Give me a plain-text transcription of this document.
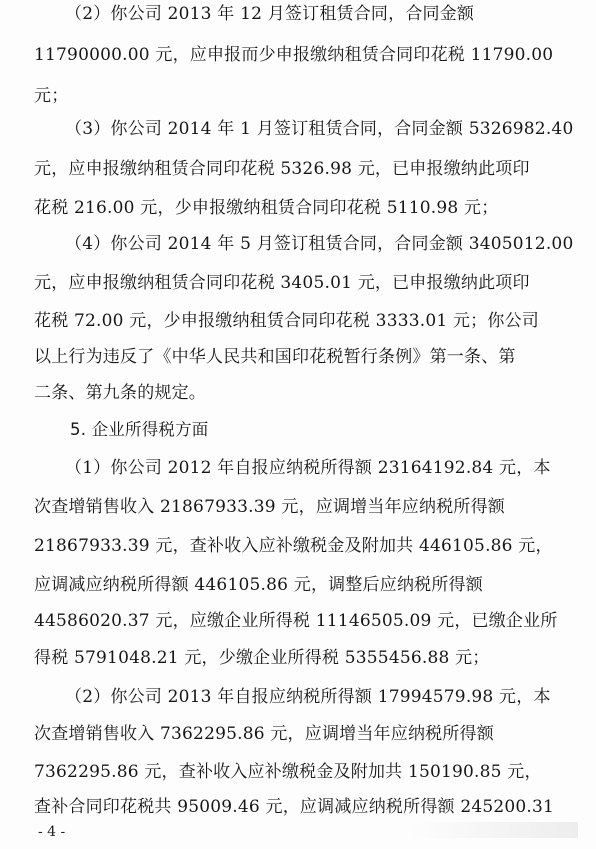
（2）你公司 2013 年 12 月签订租赁合同，合同金额
11790000.00 元，应申报而少申报缴纳租赁合同印花税 11790.00
元；
（3）你公司 2014 年 1 月签订租赁合同，合同金额 5326982.40
元，应申报缴纳租赁合同印花税 5326.98 元，已申报缴纳此项印
花税 216.00 元，少申报缴纳租赁合同印花税 5110.98 元；
（4）你公司 2014 年 5 月签订租赁合同，合同金额 3405012.00
元，应申报缴纳租赁合同印花税 3405.01 元，已申报缴纳此项印
花税 72.00 元，少申报缴纳租赁合同印花税 3333.01 元；你公司
以上行为违反了《中华人民共和国印花税暂行条例》第一条、第
二条、第九条的规定。
5. 企业所得税方面
（1）你公司 2012 年自报应纳税所得额 23164192.84 元，本
次查增销售收入 21867933.39 元，应调增当年应纳税所得额
21867933.39 元，查补收入应补缴税金及附加共 446105.86 元，
应调减应纳税所得额 446105.86 元，调整后应纳税所得额
44586020.37 元，应缴企业所得税 11146505.09 元，已缴企业所
得税 5791048.21 元，少缴企业所得税 5355456.88 元；
（2）你公司 2013 年自报应纳税所得额 17994579.98 元，本
次查增销售收入 7362295.86 元，应调增当年应纳税所得额
7362295.86 元，查补收入应补缴税金及附加共 150190.85 元，
查补合同印花税共 95009.46 元，应调减应纳税所得额 245200.31
- 4 -
